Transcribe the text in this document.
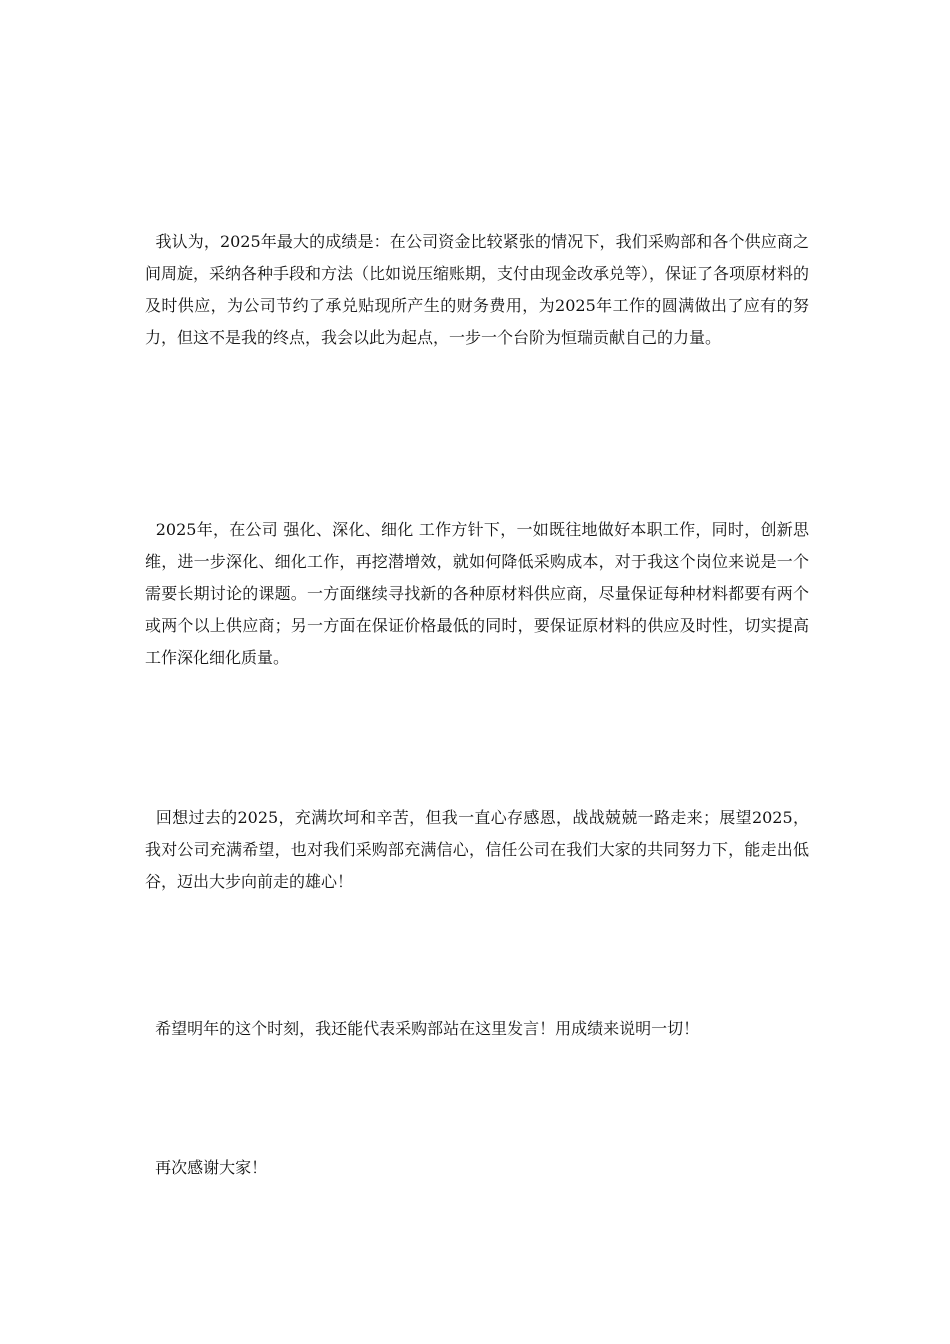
我认为，2025年最大的成绩是：在公司资金比较紧张的情况下，我们采购部和各个供应商之间周旋，采纳各种手段和方法（比如说压缩账期，支付由现金改承兑等），保证了各项原材料的及时供应，为公司节约了承兑贴现所产生的财务费用，为2025年工作的圆满做出了应有的努力，但这不是我的终点，我会以此为起点，一步一个台阶为恒瑞贡献自己的力量。

2025年，在公司 强化、深化、细化 工作方针下，一如既往地做好本职工作，同时，创新思维，进一步深化、细化工作，再挖潜增效，就如何降低采购成本，对于我这个岗位来说是一个需要长期讨论的课题。一方面继续寻找新的各种原材料供应商，尽量保证每种材料都要有两个或两个以上供应商；另一方面在保证价格最低的同时，要保证原材料的供应及时性，切实提高工作深化细化质量。

回想过去的2025，充满坎坷和辛苦，但我一直心存感恩，战战兢兢一路走来；展望2025，我对公司充满希望，也对我们采购部充满信心，信任公司在我们大家的共同努力下，能走出低谷，迈出大步向前走的雄心！

希望明年的这个时刻，我还能代表采购部站在这里发言！用成绩来说明一切！

再次感谢大家！
